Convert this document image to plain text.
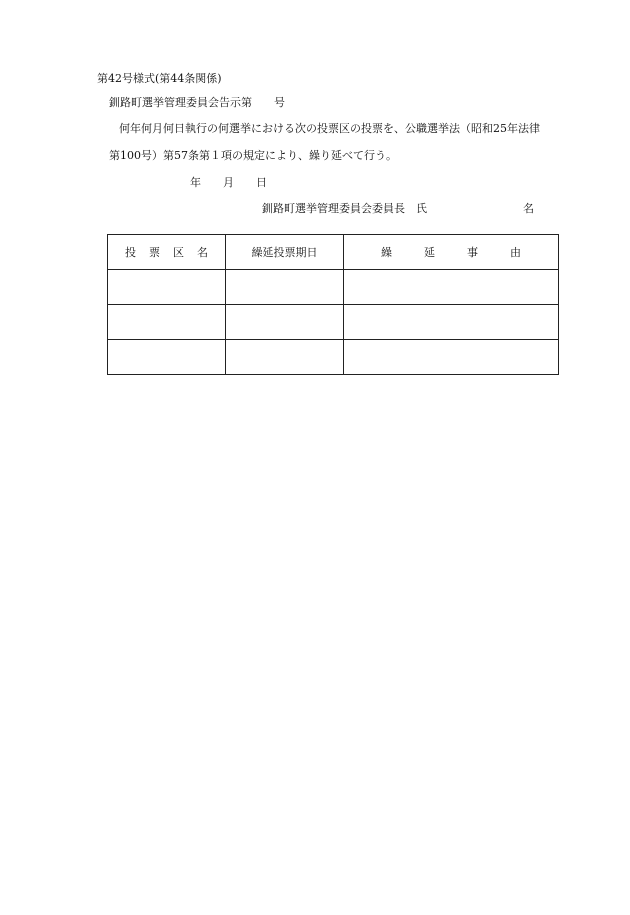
第42号様式(第44条関係)
釧路町選挙管理委員会告示第　　号
何年何月何日執行の何選挙における次の投票区の投票を、公職選挙法（昭和25年法律
第100号）第57条第１項の規定により、繰り延べて行う。
年　　月　　日
釧路町選挙管理委員会委員長　氏	名
投票区名	繰延投票期日	繰延事由
